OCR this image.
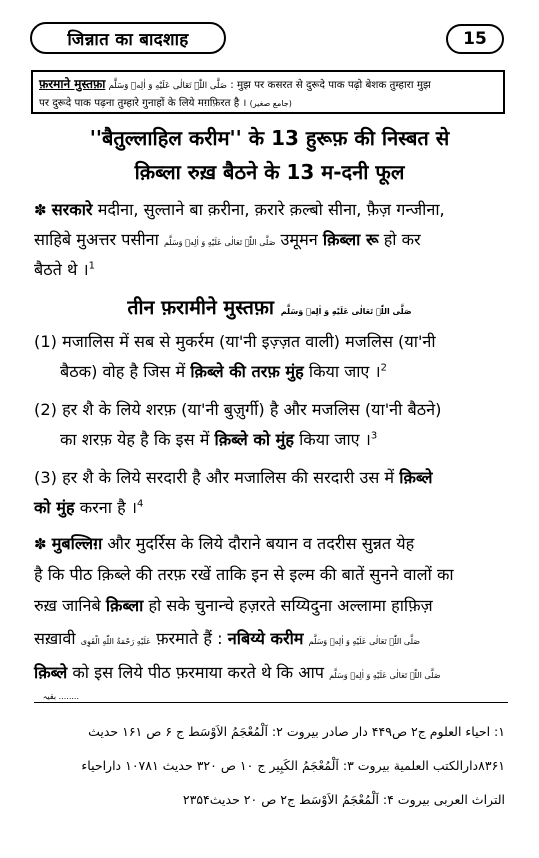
जिन्नात का बादशाह	15
फ़रमाने मुस्तफ़ा صَلَّی اللّٰہ تَعَالٰی عَلَیْهِ وَ اٰلِهٖ وَسَلَّم : मुझ पर कसरत से दुरूदे पाक पढ़ो बेशक तुम्हारा मुझ
पर दुरूदे पाक पढ़ना तुम्हारे गुनाहों के लिये मग़फ़िरत है । (جامع صغیر)
''बैतुल्लाहिल करीम'' के 13 हुरूफ़ की निस्बत से
क़िब्ला रुख़ बैठने के 13 म-दनी फूल
✽ सरकारे मदीना, सुल्ताने बा क़रीना, क़रारे क़ल्बो सीना, फ़ैज़ गन्जीना,
साहिबे मुअत्तर पसीना صَلَّی اللّٰہ تَعَالٰی عَلَیْهِ وَ اٰلِهٖ وَسَلَّم उमूमन क़िब्ला रू हो कर
बैठते थे ।$^1$
तीन फ़रामीने मुस्तफ़ा صَلَّی اللّٰہ تَعَالٰی عَلَیْهِ وَ اٰلِهٖ وَسَلَّم
(1) मजालिस में सब से मुकर्रम (या'नी इज़्ज़त वाली) मजलिस (या'नी
बैठक) वोह है जिस में क़िब्ले की तरफ़ मुंह किया जाए ।$^2$
(2) हर शै के लिये शरफ़ (या'नी बुज़ुर्गी) है और मजलिस (या'नी बैठने)
का शरफ़ येह है कि इस में क़िब्ले को मुंह किया जाए ।$^3$
(3) हर शै के लिये सरदारी है और मजालिस की सरदारी उस में क़िब्ले
को मुंह करना है ।$^4$
✽ मुबल्लिग़ और मुदर्रिस के लिये दौराने बयान व तदरीस सुन्नत येह
है कि पीठ क़िब्ले की तरफ़ रखें ताकि इन से इल्म की बातें सुनने वालों का
रुख़ जानिबे क़िब्ला हो सके चुनान्चे हज़रते सय्यिदुना अल्लामा हाफ़िज़
सख़ावी عَلَیْهِ رَحْمَةُ اللّٰهِ الْقَوِی फ़रमाते हैं : नबिय्ये करीम صَلَّی اللّٰہ تَعَالٰی عَلَیْهِ وَ اٰلِهٖ وَسَلَّم
क़िब्ले को इस लिये पीठ फ़रमाया करते थे कि आप صَلَّی اللّٰہ تَعَالٰی عَلَیْهِ وَ اٰلِهٖ وَسَلَّم
........ بقیہ
۱: احیاء العلوم ج۲ ص۴۴۹ دار صادر بیروت ۲: اَلْمُعْجَمُ الاَوْسَط ج ۶ ص ۱۶۱ حدیث
۸۳۶۱دارالکتب العلمیة بیروت ۳: اَلْمُعْجَمُ الکَبِیر ج ۱۰ ص ۳۲۰ حدیث ۱۰۷۸۱ داراحیاء
التراث العربی بیروت ۴: اَلْمُعْجَمُ الاَوْسَط ج۲ ص ۲۰ حدیث۲۳۵۴
